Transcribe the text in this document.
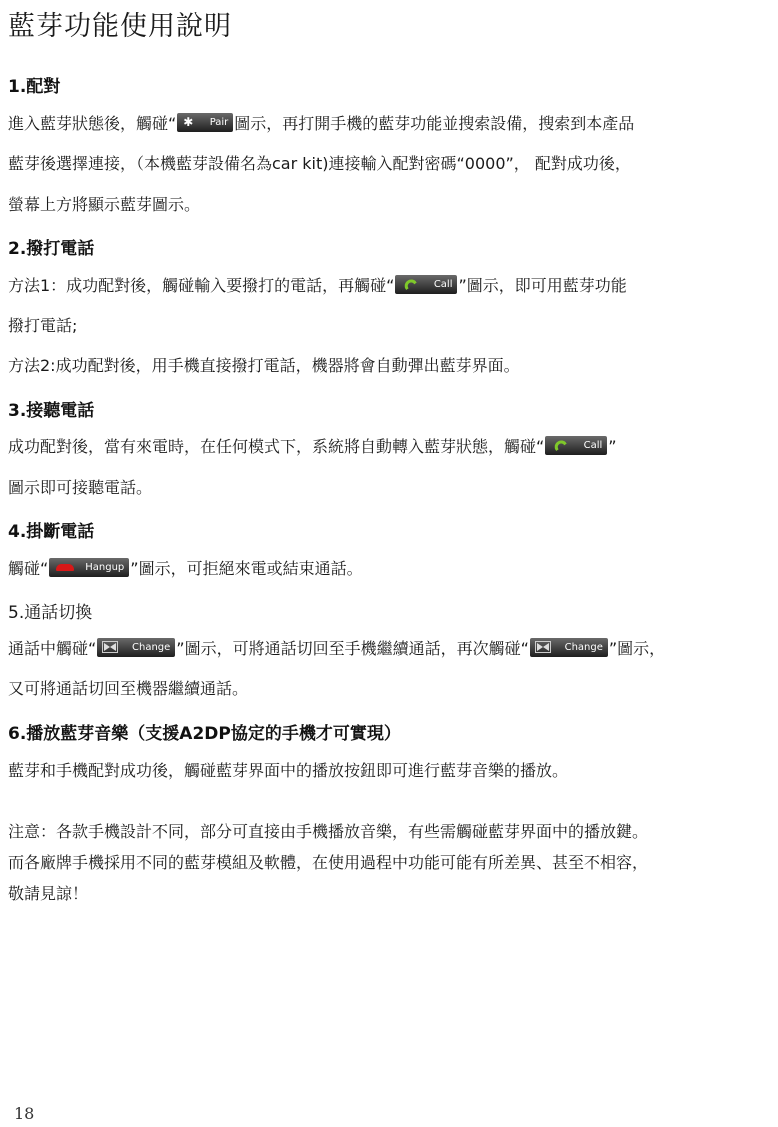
藍芽功能使用說明
1.配對
進入藍芽狀態後，觸碰“ ✱ Pair 圖示，再打開手機的藍芽功能並搜索設備，搜索到本產品
藍芽後選擇連接，（本機藍芽設備名為car kit)連接輸入配對密碼“0000”， 配對成功後，
螢幕上方將顯示藍芽圖示。
2.撥打電話
方法1：成功配對後，觸碰輸入要撥打的電話，再觸碰“	Call ”圖示，即可用藍芽功能
撥打電話;
方法2:成功配對後，用手機直接撥打電話，機器將會自動彈出藍芽界面。
3.接聽電話
成功配對後，當有來電時，在任何模式下，系統將自動轉入藍芽狀態，觸碰“	Call ”
圖示即可接聽電話。
4.掛斷電話
觸碰“	Hangup ”圖示，可拒絕來電或結束通話。
5.通話切換
通話中觸碰“	Change ”圖示，可將通話切回至手機繼續通話，再次觸碰“	Change ”圖示，
又可將通話切回至機器繼續通話。
6.播放藍芽音樂（支援A2DP協定的手機才可實現）
藍芽和手機配對成功後，觸碰藍芽界面中的播放按鈕即可進行藍芽音樂的播放。
注意：各款手機設計不同，部分可直接由手機播放音樂，有些需觸碰藍芽界面中的播放鍵。
而各廠牌手機採用不同的藍芽模組及軟體，在使用過程中功能可能有所差異、甚至不相容，
敬請見諒！
18
